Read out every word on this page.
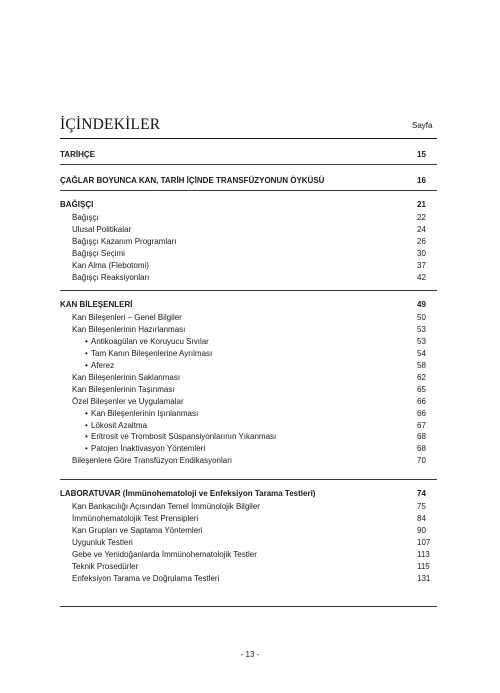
İÇİNDEKİLER	Sayfa
TARİHÇE	15
ÇAĞLAR BOYUNCA KAN, TARİH İÇİNDE TRANSFÜZYONUN ÖYKÜSÜ	16
BAĞIŞÇI	21
Bağışçı	22
Ulusal Politikalar	24
Bağışçı Kazanım Programları	26
Bağışçı Seçimi	30
Kan Alma (Flebotomi)	37
Bağışçı Reaksiyonları	42
KAN BİLEŞENLERİ	49
Kan Bileşenleri – Genel Bilgiler	50
Kan Bileşenlerinin Hazırlanması	53
• Antikoagülan ve Koruyucu Sıvılar	53
• Tam Kanın Bileşenlerine Ayrılması	54
• Aferez	58
Kan Bileşenlerinin Saklanması	62
Kan Bileşenlerinin Taşınması	65
Özel Bileşenler ve Uygulamalar	66
• Kan Bileşenlerinin Işınlanması	66
• Lökosit Azaltma	67
• Eritrosit ve Trombosit Süspansiyonlarının Yıkanması	68
• Patojen İnaktivasyon Yöntemleri	68
Bileşenlere Göre Transfüzyon Endikasyonları	70
LABORATUVAR (İmmünohematoloji ve Enfeksiyon Tarama Testleri)	74
Kan Bankacılığı Açısından Temel İmmünolojik Bilgiler	75
İmmünohematolojik Test Prensipleri	84
Kan Grupları ve Saptama Yöntemleri	90
Uygunluk Testleri	107
Gebe ve Yenidoğanlarda İmmünohematolojik Testler	113
Teknik Prosedürler	115
Enfeksiyon Tarama ve Doğrulama Testleri	131
- 13 -
